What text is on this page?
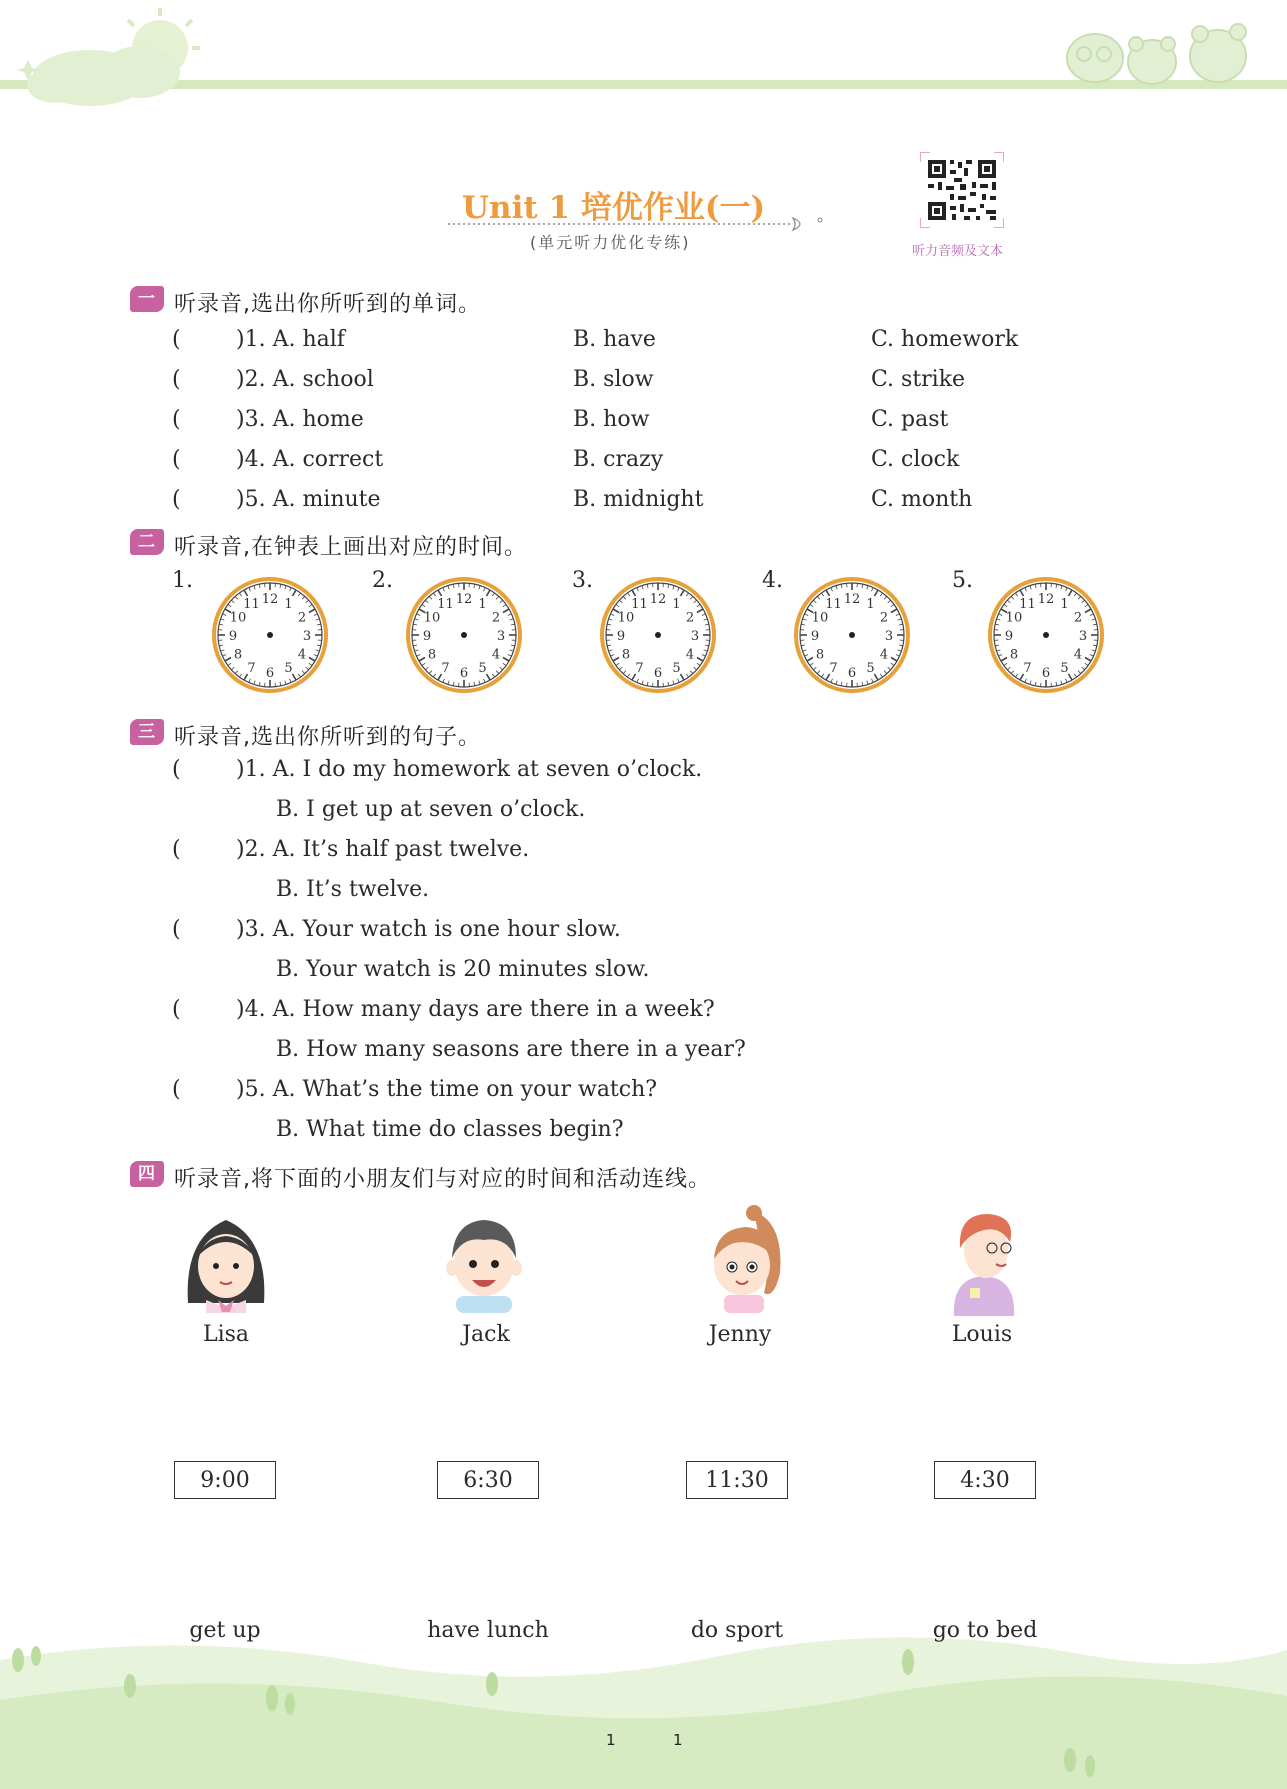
Unit 1 培优作业(一)
(单元听力优化专练)	听力音频及文本
一 听录音,选出你所听到的单词。
(	)1. A. half	B. have	C. homework
(	)2. A. school	B. slow	C. strike
(	)3. A. home	B. how	C. past
(	)4. A. correct	B. crazy	C. clock
(	)5. A. minute	B. midnight	C. month
二 听录音,在钟表上画出对应的时间。
1.	2.	3.	4.	5.
12 1
2
3
4
5
6
7
8
9
10
11	12 1
2
3
4
5
6
7
8
9
10
11	12 1
2
3
4
5
6
7
8
9
10
11	12 1
2
3
4
5
6
7
8
9
10
11	12 1
2
3
4
5
6
7
8
9
10
11
三 听录音,选出你所听到的句子。
(	)1. A. I do my homework at seven o’clock.
B. I get up at seven o’clock.
(	)2. A. It’s half past twelve.
B. It’s twelve.
(	)3. A. Your watch is one hour slow.
B. Your watch is 20 minutes slow.
(	)4. A. How many days are there in a week?
B. How many seasons are there in a year?
(	)5. A. What’s the time on your watch?
B. What time do classes begin?
四 听录音,将下面的小朋友们与对应的时间和活动连线。
Lisa	Jack	Jenny	Louis
9:00	6:30	11:30	4:30
get up	have lunch	do sport	go to bed
1	1
